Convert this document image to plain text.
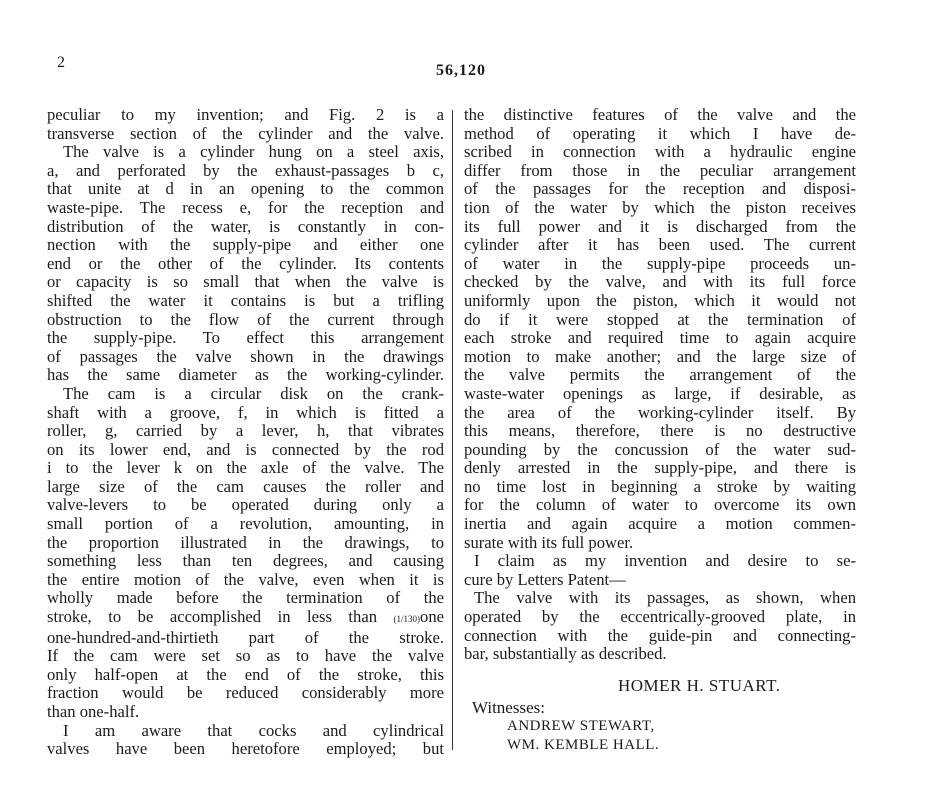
2	56,120
peculiar to my invention; and Fig. 2 is a
transverse section of the cylinder and the valve.
The valve is a cylinder hung on a steel axis,
a, and perforated by the exhaust-passages b c,
that unite at d in an opening to the common
waste-pipe. The recess e, for the reception and
distribution of the water, is constantly in con-
nection with the supply-pipe and either one
end or the other of the cylinder. Its contents
or capacity is so small that when the valve is
shifted the water it contains is but a trifling
obstruction to the flow of the current through
the supply-pipe. To effect this arrangement
of passages the valve shown in the drawings
has the same diameter as the working-cylinder.
The cam is a circular disk on the crank-
shaft with a groove, f, in which is fitted a
roller, g, carried by a lever, h, that vibrates
on its lower end, and is connected by the rod
i to the lever k on the axle of the valve. The
large size of the cam causes the roller and
valve-levers to be operated during only a
small portion of a revolution, amounting, in
the proportion illustrated in the drawings, to
something less than ten degrees, and causing
the entire motion of the valve, even when it is
wholly made before the termination of the
stroke, to be accomplished in less than (1/130)one
one-hundred-and-thirtieth part of the stroke.
If the cam were set so as to have the valve
only half-open at the end of the stroke, this
fraction would be reduced considerably more
than one-half.
I am aware that cocks and cylindrical
valves have been heretofore employed; but
the distinctive features of the valve and the
method of operating it which I have de-
scribed in connection with a hydraulic engine
differ from those in the peculiar arrangement
of the passages for the reception and disposi-
tion of the water by which the piston receives
its full power and it is discharged from the
cylinder after it has been used. The current
of water in the supply-pipe proceeds un-
checked by the valve, and with its full force
uniformly upon the piston, which it would not
do if it were stopped at the termination of
each stroke and required time to again acquire
motion to make another; and the large size of
the valve permits the arrangement of the
waste-water openings as large, if desirable, as
the area of the working-cylinder itself. By
this means, therefore, there is no destructive
pounding by the concussion of the water sud-
denly arrested in the supply-pipe, and there is
no time lost in beginning a stroke by waiting
for the column of water to overcome its own
inertia and again acquire a motion commen-
surate with its full power.
I claim as my invention and desire to se-
cure by Letters Patent—
The valve with its passages, as shown, when
operated by the eccentrically-grooved plate, in
connection with the guide-pin and connecting-
bar, substantially as described.
HOMER H. STUART.
Witnesses:
ANDREW STEWART,
WM. KEMBLE HALL.
